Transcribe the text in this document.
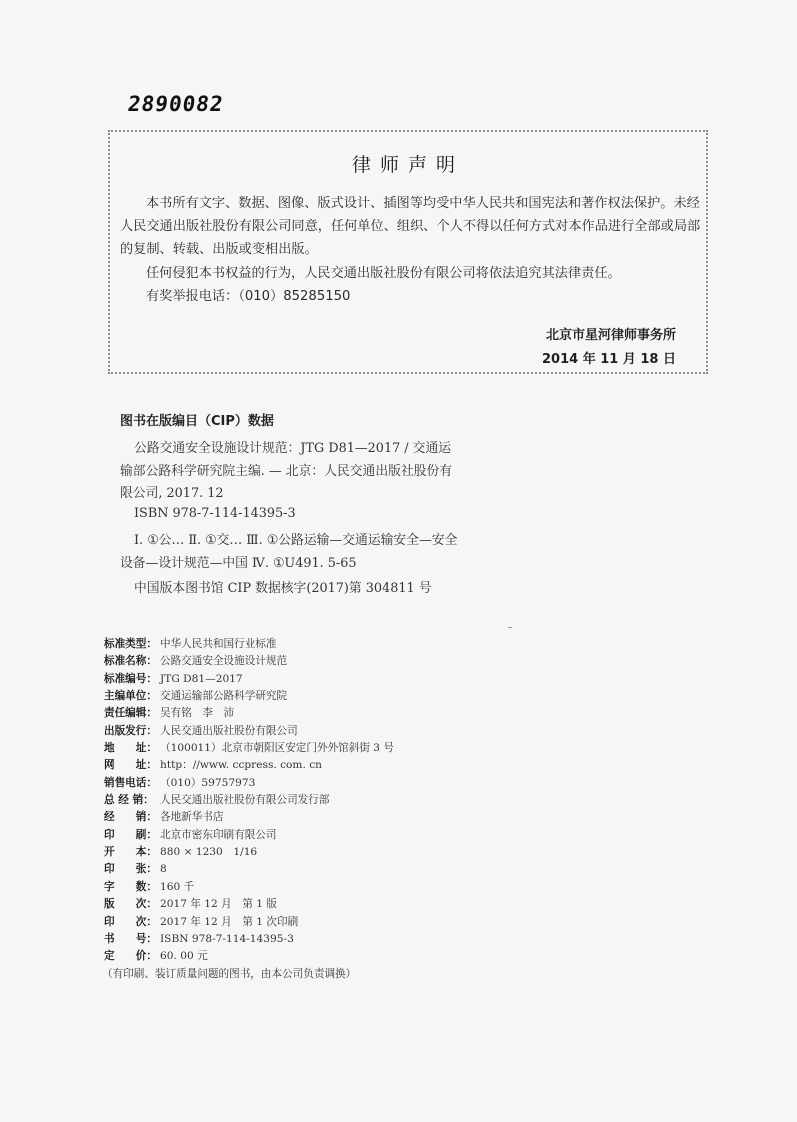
2890082
律师声明
本书所有文字、数据、图像、版式设计、插图等均受中华人民共和国宪法和著作权法保护。未经人民交通出版社股份有限公司同意，任何单位、组织、个人不得以任何方式对本作品进行全部或局部的复制、转载、出版或变相出版。
任何侵犯本书权益的行为，人民交通出版社股份有限公司将依法追究其法律责任。
有奖举报电话：（010）85285150
北京市星河律师事务所
2014 年 11 月 18 日
图书在版编目（CIP）数据
公路交通安全设施设计规范：JTG D81—2017 / 交通运输部公路科学研究院主编. — 北京：人民交通出版社股份有限公司, 2017. 12
ISBN 978-7-114-14395-3
Ⅰ. ①公… Ⅱ. ①交… Ⅲ. ①公路运输—交通运输安全—安全设备—设计规范—中国 Ⅳ. ①U491. 5-65
中国版本图书馆 CIP 数据核字(2017)第 304811 号
标准类型： 中华人民共和国行业标准
标准名称： 公路交通安全设施设计规范
标准编号： JTG D81—2017
主编单位： 交通运输部公路科学研究院
责任编辑： 吴有铭　李　沛
出版发行： 人民交通出版社股份有限公司
地　　址： （100011）北京市朝阳区安定门外外馆斜街 3 号
网　　址： http：//www. ccpress. com. cn
销售电话： （010）59757973
总 经 销： 人民交通出版社股份有限公司发行部
经　　销： 各地新华书店
印　　刷： 北京市密东印刷有限公司
开　　本： 880 × 1230　1/16
印　　张： 8
字　　数： 160 千
版　　次： 2017 年 12 月　第 1 版
印　　次： 2017 年 12 月　第 1 次印刷
书　　号： ISBN 978-7-114-14395-3
定　　价： 60. 00 元
（有印刷、装订质量问题的图书，由本公司负责调换）
